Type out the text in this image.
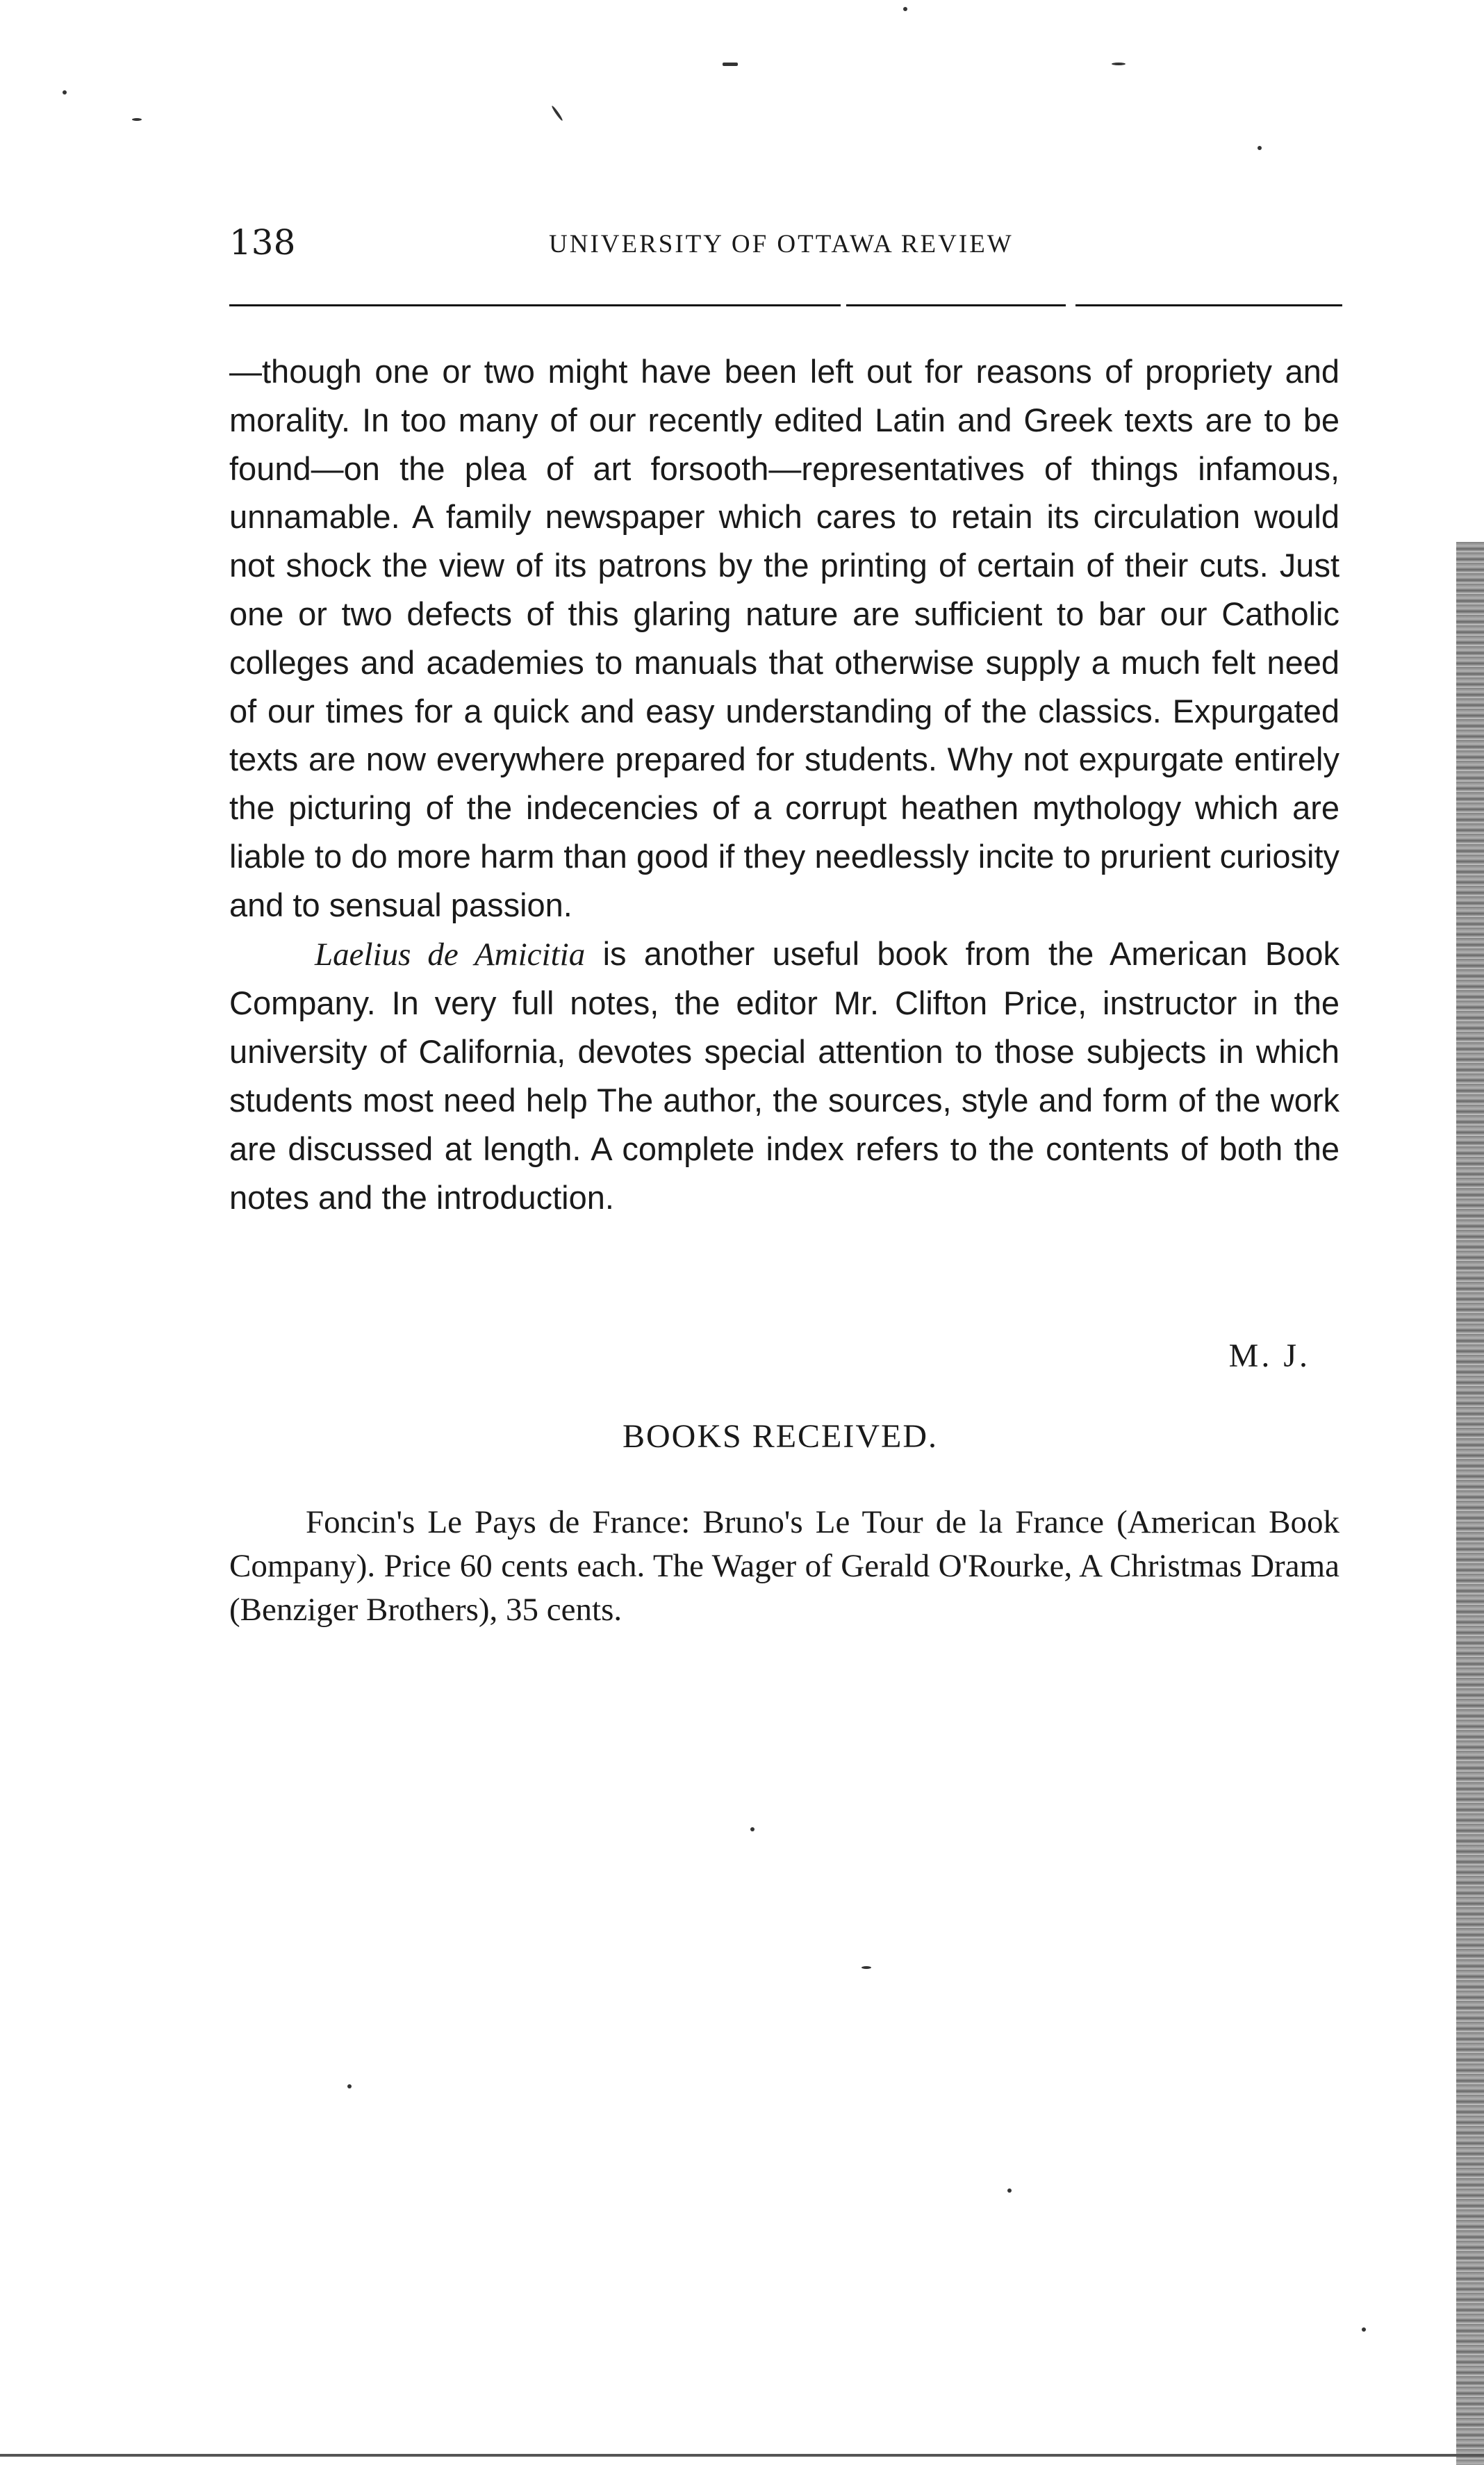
138	UNIVERSITY OF OTTAWA REVIEW

—though one or two might have been left out for reasons of propriety and morality. In too many of our recently edited Latin and Greek texts are to be found—on the plea of art forsooth—representatives of things infamous, unnamable. A family newspaper which cares to retain its circulation would not shock the view of its patrons by the printing of certain of their cuts. Just one or two defects of this glaring nature are sufficient to bar our Catholic colleges and academies to manuals that otherwise supply a much felt need of our times for a quick and easy understanding of the classics. Expurgated texts are now everywhere prepared for students. Why not expurgate entirely the picturing of the indecencies of a corrupt heathen mythology which are liable to do more harm than good if they needlessly incite to prurient curiosity and to sensual passion.

Laelius de Amicitia is another useful book from the American Book Company. In very full notes, the editor Mr. Clifton Price, instructor in the university of California, devotes special attention to those subjects in which students most need help The author, the sources, style and form of the work are discussed at length. A complete index refers to the contents of both the notes and the introduction.

M. J.
BOOKS RECEIVED.

Foncin's Le Pays de France: Bruno's Le Tour de la France (American Book Company). Price 60 cents each. The Wager of Gerald O'Rourke, A Christmas Drama (Benziger Brothers), 35 cents.
